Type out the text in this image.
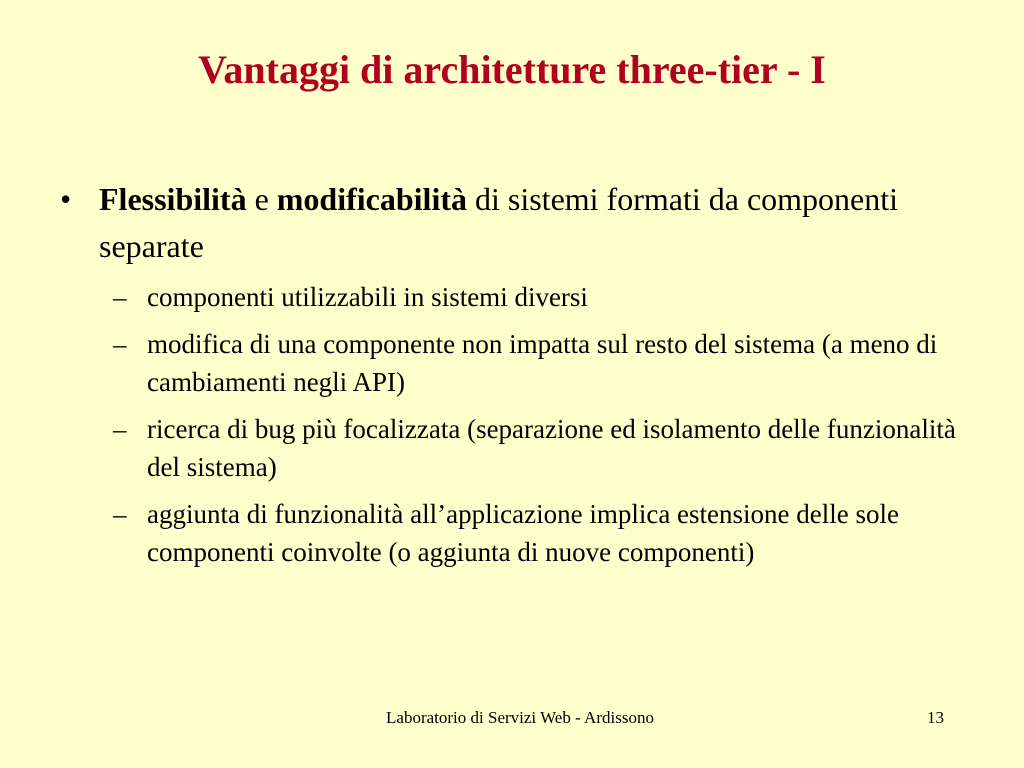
Vantaggi di architetture three-tier - I
• Flessibilità e modificabilità di sistemi formati da componenti separate
– componenti utilizzabili in sistemi diversi
– modifica di una componente non impatta sul resto del sistema (a meno di cambiamenti negli API)
– ricerca di bug più focalizzata (separazione ed isolamento delle funzionalità del sistema)
– aggiunta di funzionalità all’applicazione implica estensione delle sole componenti coinvolte (o aggiunta di nuove componenti)
Laboratorio di Servizi Web - Ardissono	13
